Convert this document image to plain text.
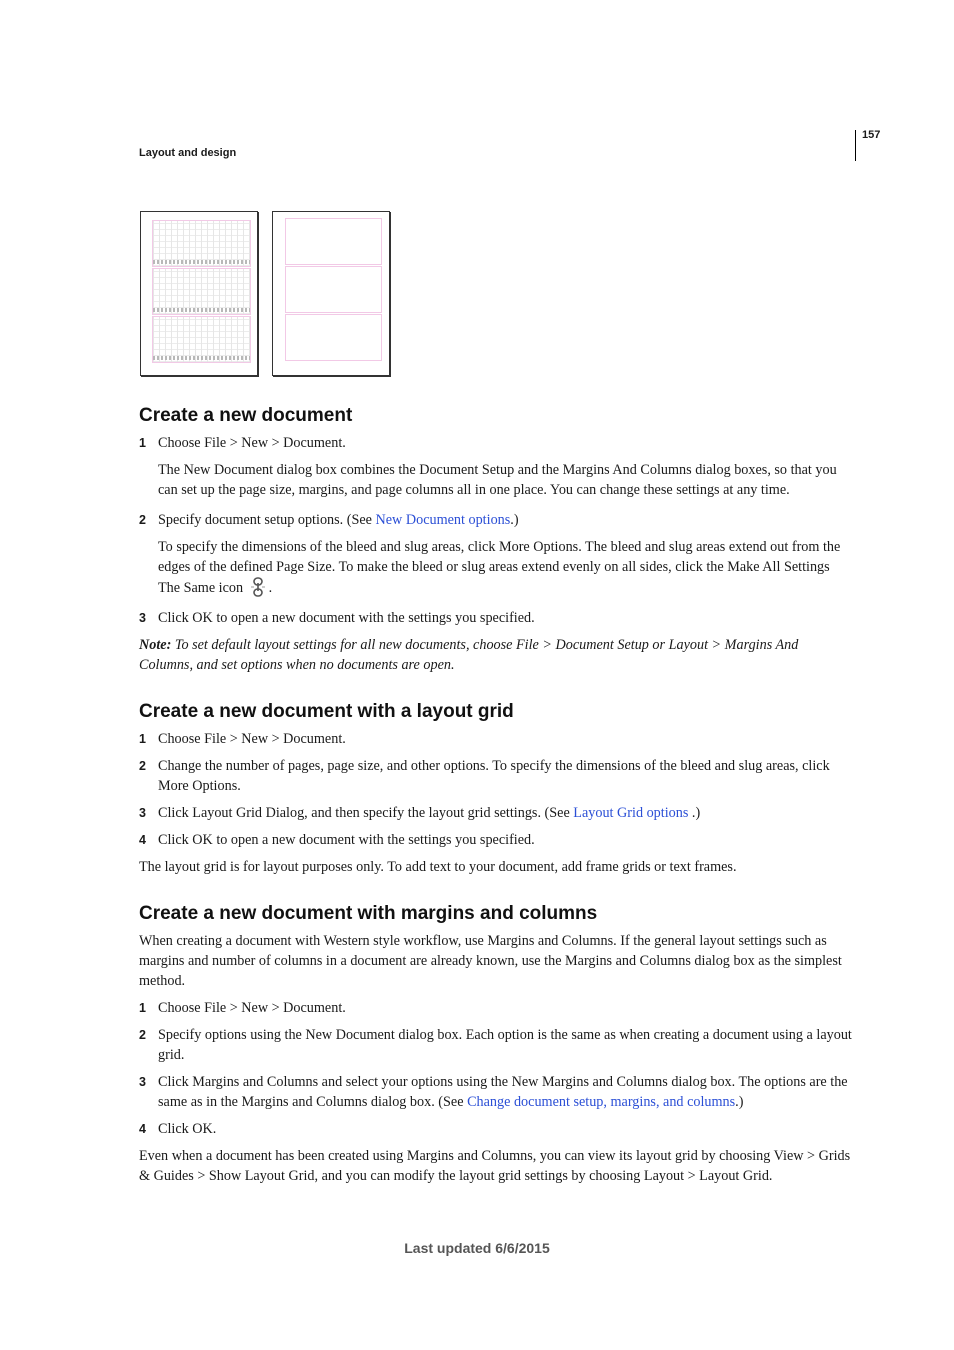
Layout and design
157
Create a new document
1 Choose File > New > Document.

The New Document dialog box combines the Document Setup and the Margins And Columns dialog boxes, so that you can set up the page size, margins, and page columns all in one place. You can change these settings at any time.

2 Specify document setup options. (See New Document options.)

To specify the dimensions of the bleed and slug areas, click More Options. The bleed and slug areas extend out from the edges of the defined Page Size. To make the bleed or slug areas extend evenly on all sides, click the Make All Settings The Same icon .

3 Click OK to open a new document with the settings you specified.

Note: To set default layout settings for all new documents, choose File > Document Setup or Layout > Margins And Columns, and set options when no documents are open.

Create a new document with a layout grid
1 Choose File > New > Document.
2 Change the number of pages, page size, and other options. To specify the dimensions of the bleed and slug areas, click More Options.
3 Click Layout Grid Dialog, and then specify the layout grid settings. (See Layout Grid options .)
4 Click OK to open a new document with the settings you specified.

The layout grid is for layout purposes only. To add text to your document, add frame grids or text frames.

Create a new document with margins and columns

When creating a document with Western style workflow, use Margins and Columns. If the general layout settings such as margins and number of columns in a document are already known, use the Margins and Columns dialog box as the simplest method.

1 Choose File > New > Document.
2 Specify options using the New Document dialog box. Each option is the same as when creating a document using a layout grid.
3 Click Margins and Columns and select your options using the New Margins and Columns dialog box. The options are the same as in the Margins and Columns dialog box. (See Change document setup, margins, and columns.)
4 Click OK.

Even when a document has been created using Margins and Columns, you can view its layout grid by choosing View > Grids & Guides > Show Layout Grid, and you can modify the layout grid settings by choosing Layout > Layout Grid.

Last updated 6/6/2015
